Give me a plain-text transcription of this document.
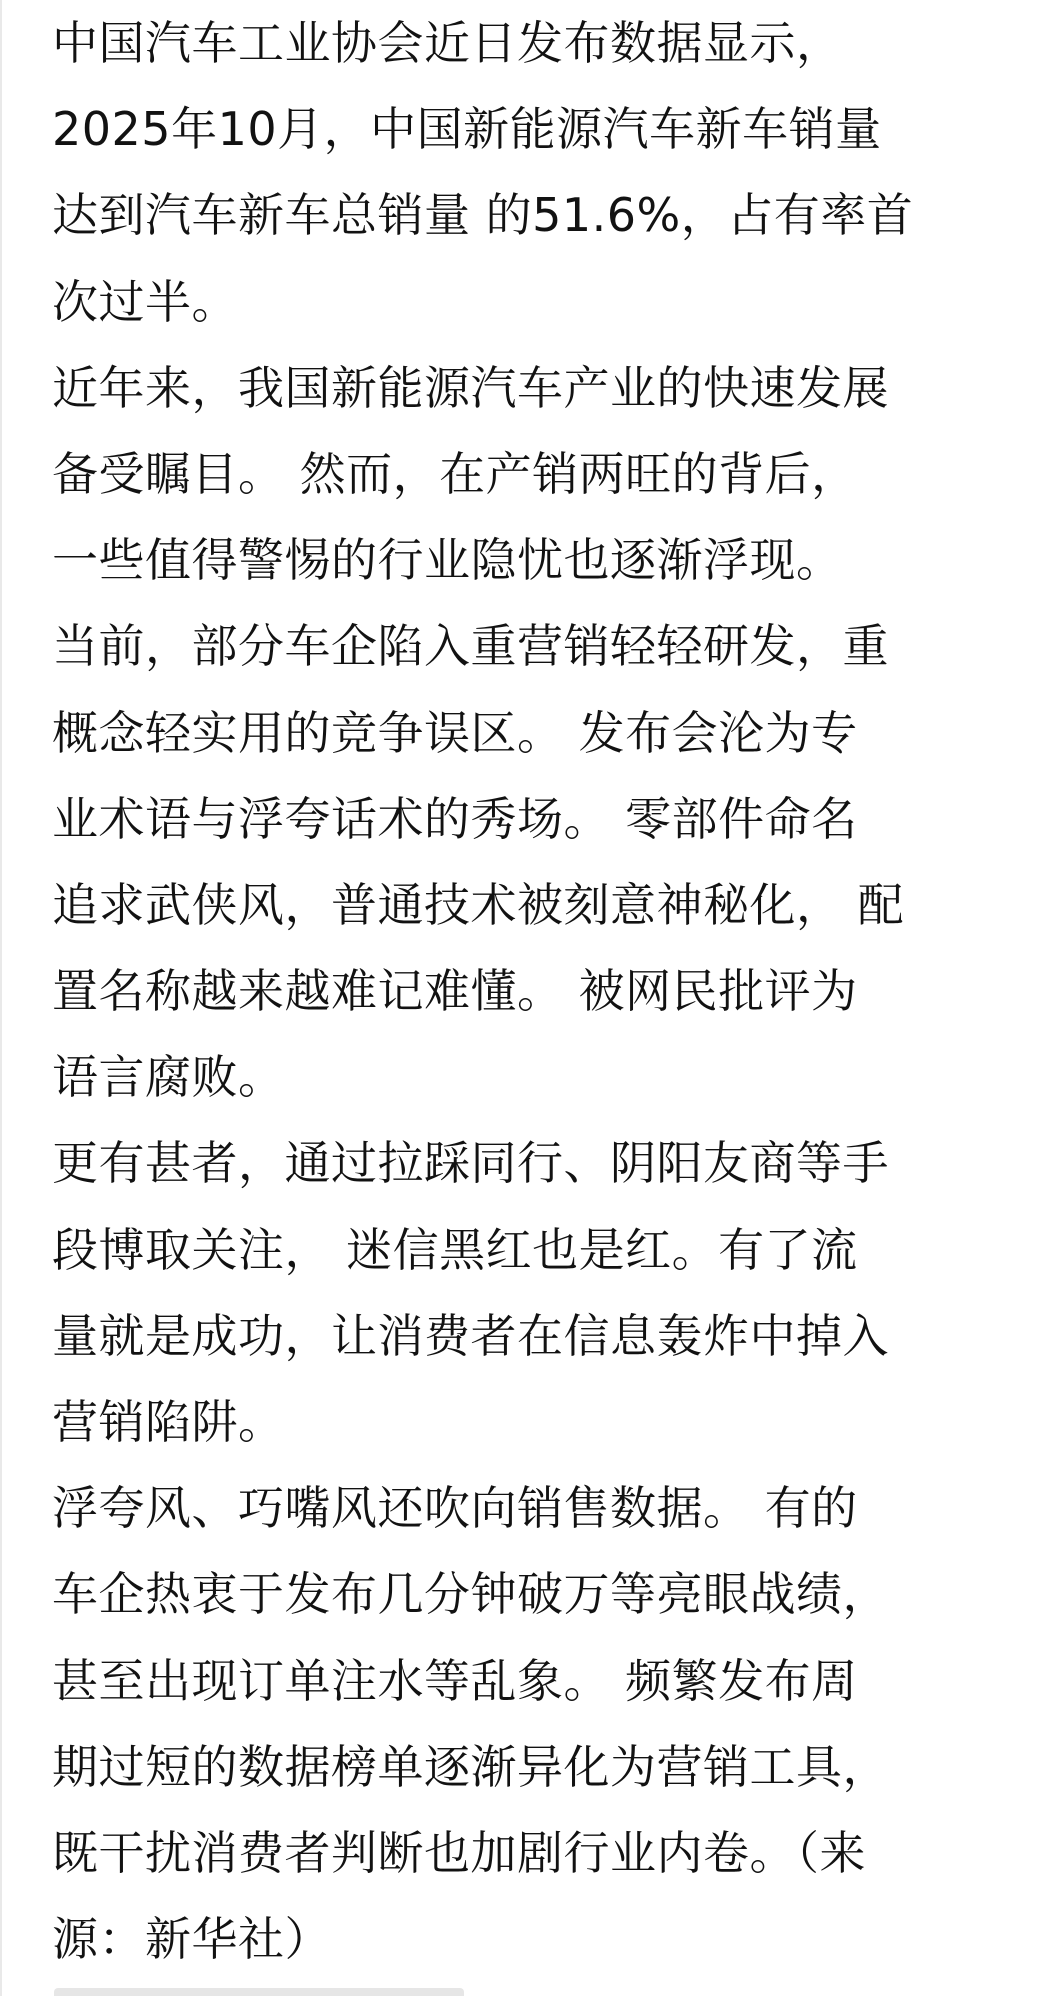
中国汽车工业协会近日发布数据显示，
2025年10月，中国新能源汽车新车销量
达到汽车新车总销量 的51.6%，占有率首
次过半。
近年来，我国新能源汽车产业的快速发展
备受瞩目。 然而，在产销两旺的背后，
一些值得警惕的行业隐忧也逐渐浮现。
当前，部分车企陷入重营销轻轻研发，重
概念轻实用的竞争误区。 发布会沦为专
业术语与浮夸话术的秀场。 零部件命名
追求武侠风，普通技术被刻意神秘化， 配
置名称越来越难记难懂。 被网民批评为
语言腐败。
更有甚者，通过拉踩同行、阴阳友商等手
段博取关注， 迷信黑红也是红。有了流
量就是成功，让消费者在信息轰炸中掉入
营销陷阱。
浮夸风、巧嘴风还吹向销售数据。 有的
车企热衷于发布几分钟破万等亮眼战绩，
甚至出现订单注水等乱象。 频繁发布周
期过短的数据榜单逐渐异化为营销工具，
既干扰消费者判断也加剧行业内卷。（来
源：新华社）
